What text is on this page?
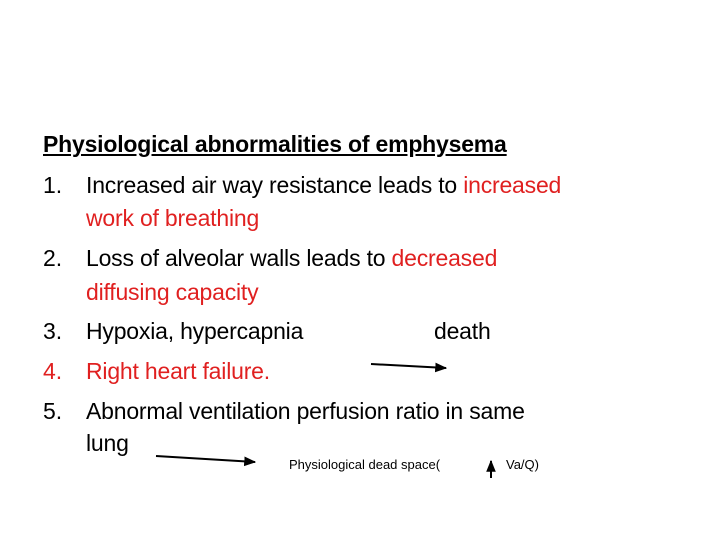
Physiological abnormalities of emphysema
1. Increased air way resistance leads to increased
work of breathing
2. Loss of alveolar walls leads to decreased
diffusing capacity
3. Hypoxia, hypercapnia	death
4. Right heart failure.
5. Abnormal ventilation perfusion ratio in same
lung
Physiological dead space(	Va/Q)
